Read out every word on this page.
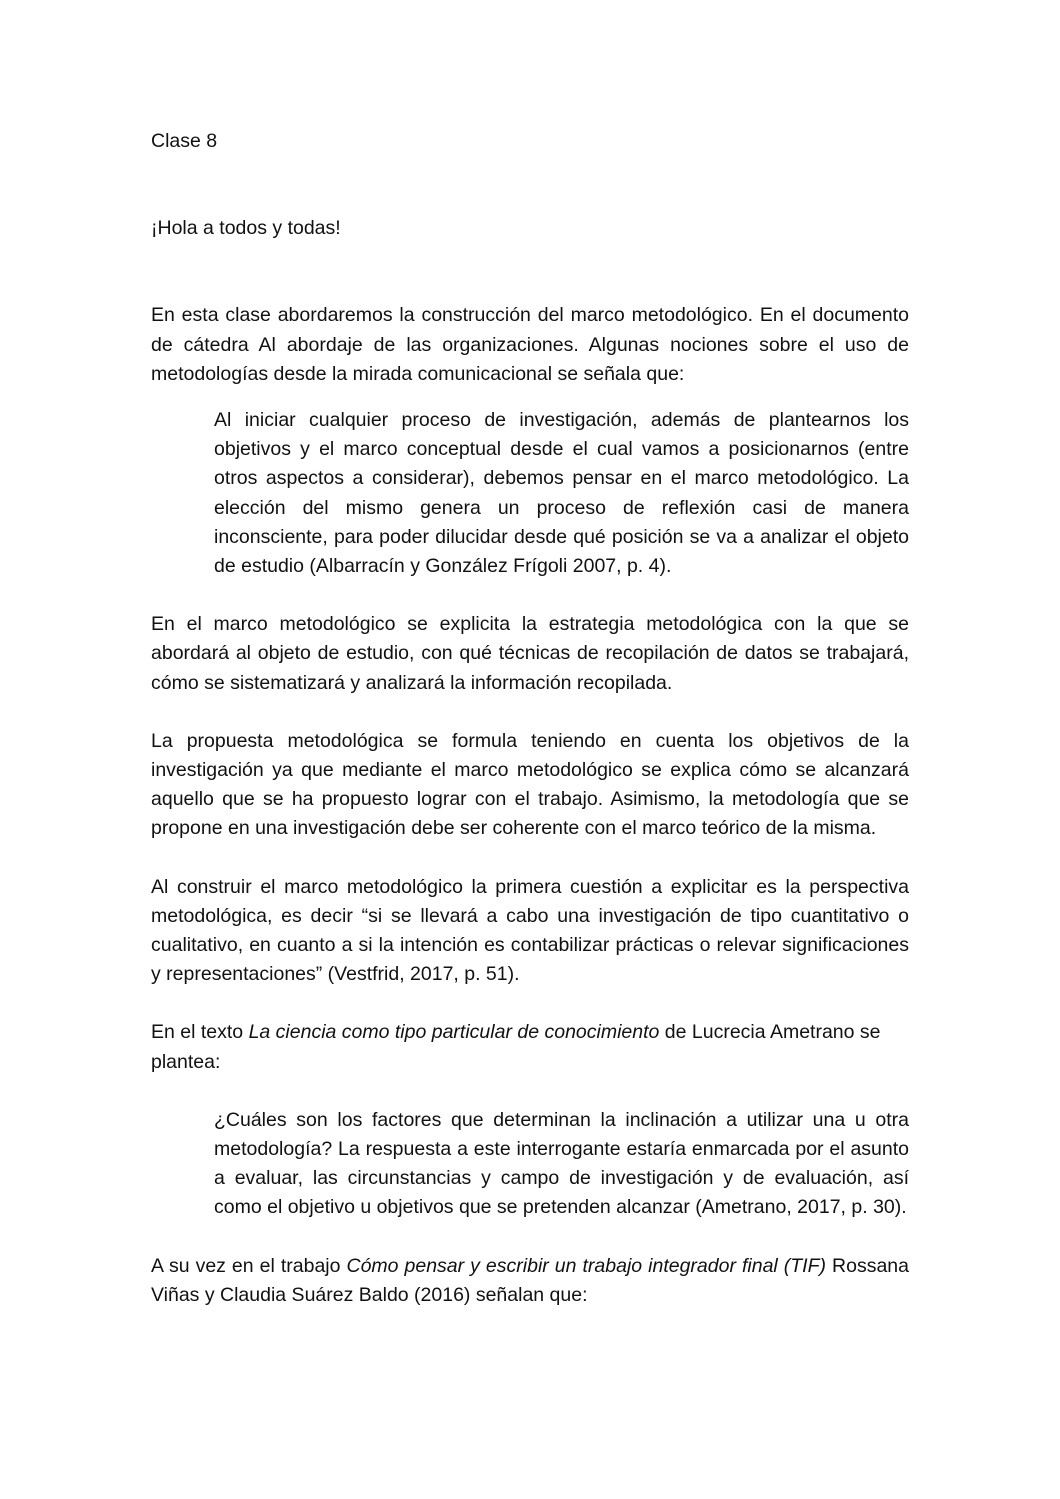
Clase 8

¡Hola a todos y todas!

En esta clase abordaremos la construcción del marco metodológico. En el documento de cátedra Al abordaje de las organizaciones. Algunas nociones sobre el uso de metodologías desde la mirada comunicacional se señala que:

Al iniciar cualquier proceso de investigación, además de plantearnos los objetivos y el marco conceptual desde el cual vamos a posicionarnos (entre otros aspectos a considerar), debemos pensar en el marco metodológico. La elección del mismo genera un proceso de reflexión casi de manera inconsciente, para poder dilucidar desde qué posición se va a analizar el objeto de estudio (Albarracín y González Frígoli 2007, p. 4).

En el marco metodológico se explicita la estrategia metodológica con la que se abordará al objeto de estudio, con qué técnicas de recopilación de datos se trabajará, cómo se sistematizará y analizará la información recopilada.

La propuesta metodológica se formula teniendo en cuenta los objetivos de la investigación ya que mediante el marco metodológico se explica cómo se alcanzará aquello que se ha propuesto lograr con el trabajo. Asimismo, la metodología que se propone en una investigación debe ser coherente con el marco teórico de la misma.

Al construir el marco metodológico la primera cuestión a explicitar es la perspectiva metodológica, es decir “si se llevará a cabo una investigación de tipo cuantitativo o cualitativo, en cuanto a si la intención es contabilizar prácticas o relevar significaciones y representaciones” (Vestfrid, 2017, p. 51).

En el texto La ciencia como tipo particular de conocimiento de Lucrecia Ametrano se plantea:

¿Cuáles son los factores que determinan la inclinación a utilizar una u otra metodología? La respuesta a este interrogante estaría enmarcada por el asunto a evaluar, las circunstancias y campo de investigación y de evaluación, así como el objetivo u objetivos que se pretenden alcanzar (Ametrano, 2017, p. 30).

A su vez en el trabajo Cómo pensar y escribir un trabajo integrador final (TIF) Rossana Viñas y Claudia Suárez Baldo (2016) señalan que:
